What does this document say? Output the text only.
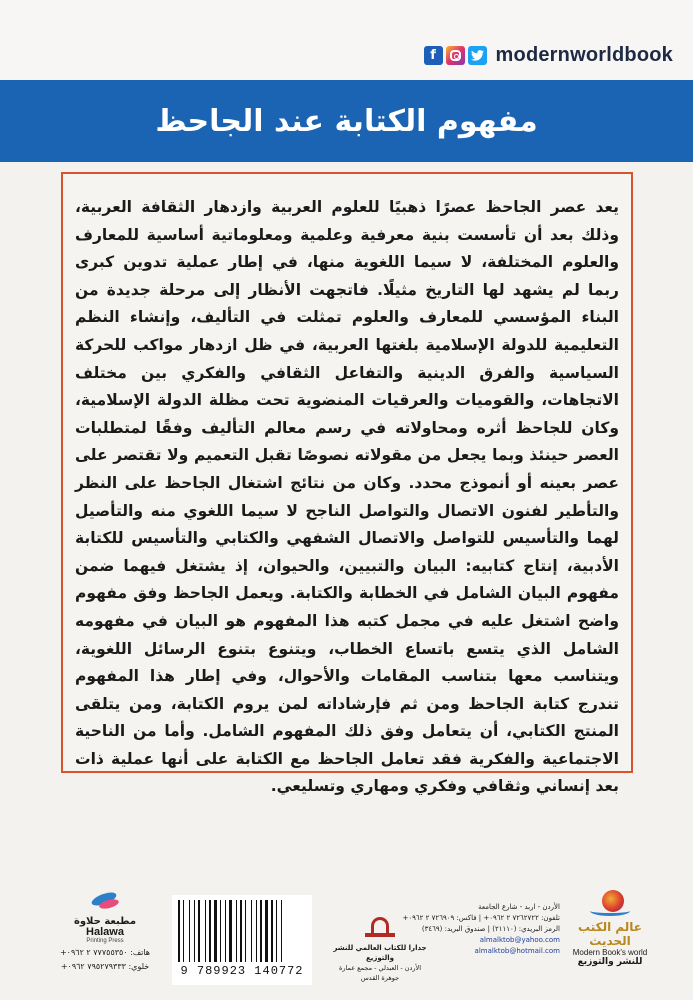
f	modernworldbook
مفهوم الكتابة عند الجاحظ

يعد عصر الجاحظ عصرًا ذهبيًا للعلوم العربية وازدهار الثقافة العربية، وذلك بعد أن تأسست بنية معرفية وعلمية ومعلوماتية أساسية للمعارف والعلوم المختلفة، لا سيما اللغوية منها، في إطار عملية تدوين كبرى ربما لم يشهد لها التاريخ مثيلًا. فاتجهت الأنظار إلى مرحلة جديدة من البناء المؤسسي للمعارف والعلوم تمثلت في التأليف، وإنشاء النظم التعليمية للدولة الإسلامية بلغتها العربية، في ظل ازدهار مواكب للحركة السياسية والفرق الدينية والتفاعل الثقافي والفكري بين مختلف الاتجاهات، والقوميات والعرقيات المنضوية تحت مظلة الدولة الإسلامية، وكان للجاحظ أثره ومحاولاته في رسم معالم التأليف وفقًا لمتطلبات العصر حينئذ وبما يجعل من مقولاته نصوصًا تقبل التعميم ولا تقتصر على عصر بعينه أو أنموذج محدد. وكان من نتائج اشتغال الجاحظ على النظر والتأطير لفنون الاتصال والتواصل الناجح لا سيما اللغوي منه والتأصيل لهما والتأسيس للتواصل والاتصال الشفهي والكتابي والتأسيس للكتابة الأدبية، إنتاج كتابيه: البيان والتبيين، والحيوان، إذ يشتغل فيهما ضمن مفهوم البيان الشامل في الخطابة والكتابة. ويعمل الجاحظ وفق مفهوم واضح اشتغل عليه في مجمل كتبه هذا المفهوم هو البيان في مفهومه الشامل الذي يتسع باتساع الخطاب، ويتنوع بتنوع الرسائل اللغوية، ويتناسب معها بتناسب المقامات والأحوال، وفي إطار هذا المفهوم تندرج كتابة الجاحظ ومن ثم فإرشاداته لمن يروم الكتابة، ومن يتلقى المنتج الكتابي، أن يتعامل وفق ذلك المفهوم الشامل. وأما من الناحية الاجتماعية والفكرية فقد تعامل الجاحظ مع الكتابة على أنها عملية ذات بعد إنساني وثقافي وفكري ومهاري وتسليعي.

مطبعة حلاوة
Halawa
Printing Press
هاتف: ٧٧٧٥٥٣٥٠ ٢ ٠٩٦٢+
خلوي: ٧٩٥٢٧٩٣٣٣ ٠٩٦٢+	9 789923 140772
جدارا للكتاب العالمي للنشر والتوزيع
الأردن - العبدلي - مجمع عمارة جوهرة القدس
الأردن - اربد - شارع الجامعة
تلفون: ٧٢٦٢٧٢٢ ٢ ٠٩٦٢+ | فاكس: ٧٢٦٩٠٩ ٢ ٠٩٦٢+
الرمز البريدي: (٢١١١٠) | صندوق البريد: (٣٤٦٩)
almalktob@yahoo.com
almalktob@hotmail.com
عالم الكتب الحديث
Modern Book's world
للنشر والتوزيع
